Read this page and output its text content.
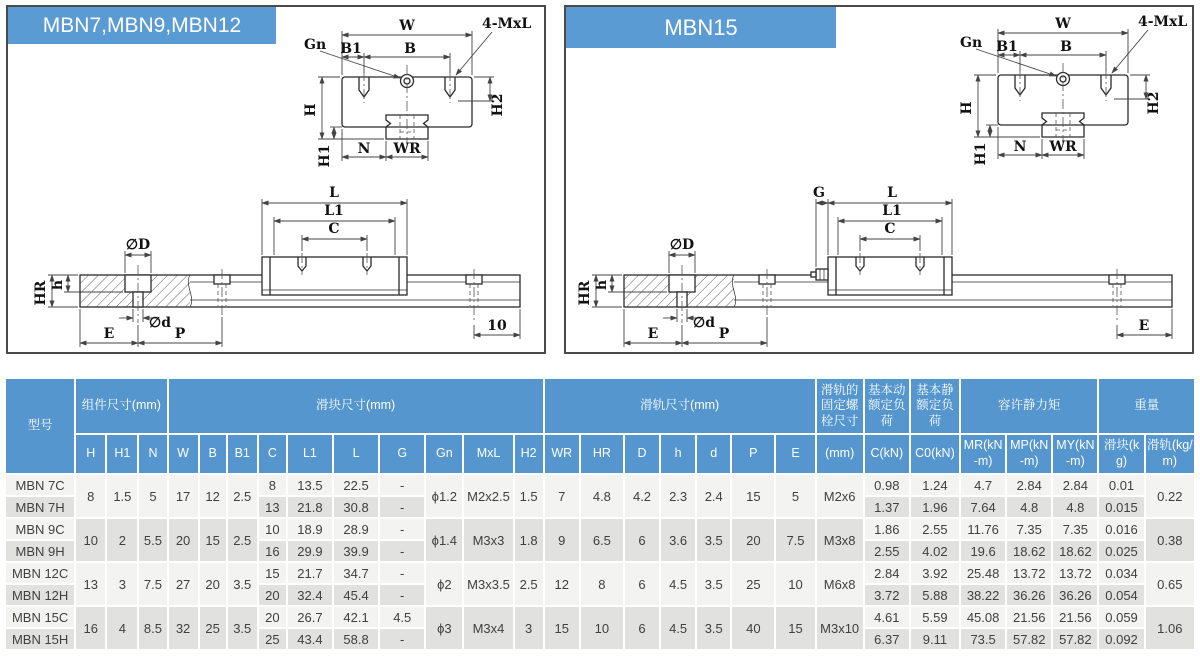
MBN7,MBN9,MBN12	W
B
B1
Gn
4-MxL
H
H1
H2
N WR
L
L1
C
∅D
HR h
∅d
E	P	10
MBN15	W
B
B1
Gn
4-MxL
H
H1
H2
N WR
G	L
L1
C
∅D
HR h
∅d
E	P	E
型号	组件尺寸(mm)			滑块尺寸(mm)										滑轨尺寸(mm)							滑轨的固定螺栓尺寸	基本动额定负荷	基本静额定负荷	容许静力矩			重量	
	H	H1	N	W	B	B1	C	L1	L	G	Gn	MxL	H2	WR	HR	D	h	d	P	E	(mm)	C(kN)	C0(kN)	MR(kN-m)	MP(kN-m)	MY(kN-m)	滑块(kg)	滑轨(kg/m)
MBN 7C	8	1.5	5	17	12	2.5	8	13.5	22.5	-	ϕ1.2	M2x2.5	1.5	7	4.8	4.2	2.3	2.4	15	5	M2x6	0.98	1.24	4.7	2.84	2.84	0.01	0.22
MBN 7H							13	21.8	30.8	-												1.37	1.96	7.64	4.8	4.8	0.015	
MBN 9C	10	2	5.5	20	15	2.5	10	18.9	28.9	-	ϕ1.4	M3x3	1.8	9	6.5	6	3.6	3.5	20	7.5	M3x8	1.86	2.55	11.76	7.35	7.35	0.016	0.38
MBN 9H							16	29.9	39.9	-												2.55	4.02	19.6	18.62	18.62	0.025	
MBN 12C	13	3	7.5	27	20	3.5	15	21.7	34.7	-	ϕ2	M3x3.5	2.5	12	8	6	4.5	3.5	25	10	M6x8	2.84	3.92	25.48	13.72	13.72	0.034	0.65
MBN 12H							20	32.4	45.4	-												3.72	5.88	38.22	36.26	36.26	0.054	
MBN 15C	16	4	8.5	32	25	3.5	20	26.7	42.1	4.5	ϕ3	M3x4	3	15	10	6	4.5	3.5	40	15	M3x10	4.61	5.59	45.08	21.56	21.56	0.059	1.06
MBN 15H							25	43.4	58.8	-												6.37	9.11	73.5	57.82	57.82	0.092	
